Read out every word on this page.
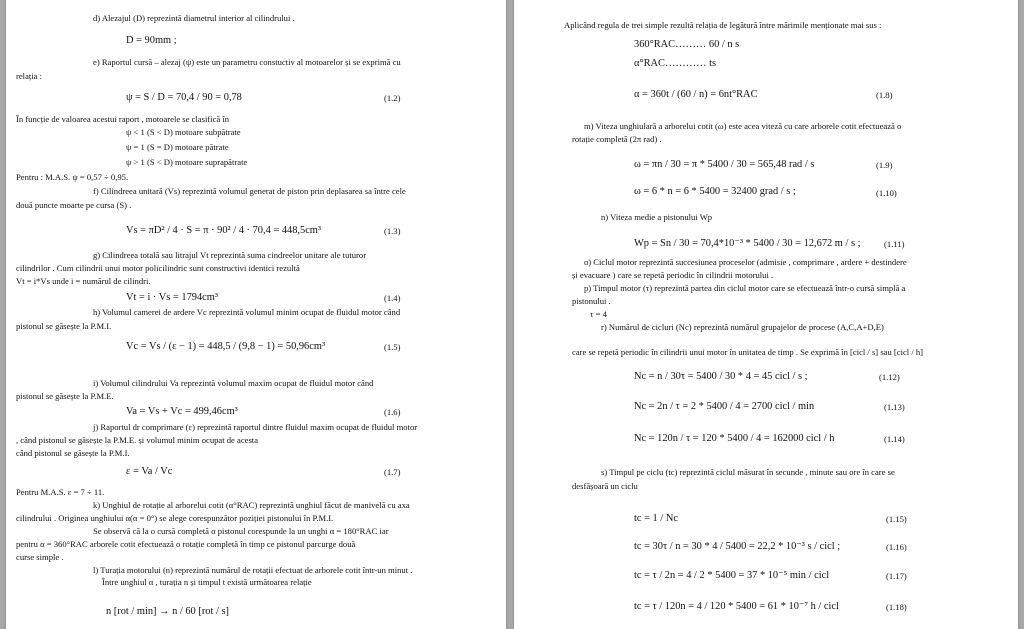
d) Alezajul (D) reprezintă diametrul interior al cilindrului .
D = 90mm ;
e) Raportul cursă – alezaj (ψ) este un parametru constuctiv al motoarelor și se exprimă cu
relația :
ψ = S / D = 70,4 / 90 = 0,78	(1.2)
În funcție de valoarea acestui raport , motoarele se clasifică în
ψ < 1 (S < D) motoare subpătrate
ψ = 1 (S = D) motoare pătrate
ψ > 1 (S < D) motoare suprapătrate
Pentru : M.A.S. ψ = 0,57 ÷ 0,95.
f) Cilindreea unitară (Vs) reprezintă volumul generat de piston prin deplasarea sa între cele
două puncte moarte pe cursa (S) .
Vs = πD² / 4 · S = π · 90² / 4 · 70,4 = 448,5cm³	(1.3)
g) Cilindreea totală sau litrajul Vt reprezintă suma cindreelor unitare ale tuturor
cilindrilor . Cum cilindrii unui motor policilindric sunt constructivi identici rezultă
Vt = i*Vs unde i = numărul de cilindri.
Vt = i · Vs = 1794cm³	(1.4)
h) Volumul camerei de ardere Vc reprezintă volumul minim ocupat de fluidul motor când
pistonul se găsește la P.M.I.
Vc = Vs / (ε − 1) = 448,5 / (9,8 − 1) = 50,96cm³	(1.5)
i) Volumul cilindrului Va reprezintă volumul maxim ocupat de fluidul motor când
pistonul se găsește la P.M.E.
Va = Vs + Vc = 499,46cm³	(1.6)
j) Raportul dr comprimare (ε) reprezintă raportul dintre fluidul maxim ocupat de fluidul motor
, când pistonul se găsește la P.M.E. și volumul minim ocupat de acesta
când pistonul se găsește la P.M.I.
ε = Va / Vc	(1.7)
Pentru M.A.S. ε = 7 ÷ 11.
k) Unghiul de rotație al arborelui cotit (α°RAC) reprezintă unghiul făcut de manivelă cu axa
cilindrului . Originea unghiului α(α = 0°) se alege corespunzător poziției pistonului în P.M.I.
Se observă că la o cursă completă α pistonul corespunde la un unghi α = 180°RAC iar
pentru α = 360°RAC arborele cotit efectuează o rotație completă în timp ce pistonul parcurge două
curse simple .
l) Turația motorului (n) reprezintă numărul de rotații efectuat de arborele cotit într-un minut .
Între unghiul α , turația n și timpul t există următoarea relație
n [rot / min] → n / 60 [rot / s]
Aplicând regula de trei simple rezultă relația de legătură între mărimile menționate mai sus :
360°RAC……… 60 / n s
α°RAC………… ts
α = 360t / (60 / n) = 6nt°RAC	(1.8)
m) Viteza unghiulară a arborelui cotit (ω) este acea viteză cu care arborele cotit efectuează o
rotație completă (2π rad) .
ω = πn / 30 = π * 5400 / 30 = 565,48 rad / s	(1.9)
ω = 6 * n = 6 * 5400 = 32400 grad / s ;	(1.10)
n) Viteza medie a pistonului Wp
Wp = Sn / 30 = 70,4*10⁻³ * 5400 / 30 = 12,672 m / s ;	(1.11)
o) Ciclul motor reprezintă succesiunea proceselor (admisie , comprimare , ardere + destindere
și evacuare ) care se repetă periodic în cilindrii motorului .
p) Timpul motor (τ) reprezintă partea din ciclul motor care se efectuează într-o cursă simplă a
pistonului .
τ = 4
r) Numărul de cicluri (Nc) reprezintă numărul grupajelor de procese (A,C,A+D,E)
care se repetă periodic în cilindrii unui motor în unitatea de timp . Se exprimă în [cicl / s] sau [cicl / h]
Nc = n / 30τ = 5400 / 30 * 4 = 45 cicl / s ;	(1.12)
Nc = 2n / τ = 2 * 5400 / 4 = 2700 cicl / min	(1.13)
Nc = 120n / τ = 120 * 5400 / 4 = 162000 cicl / h	(1.14)
s) Timpul pe ciclu (tc) reprezintă ciclul măsurat în secunde , minute sau ore în care se
desfășoară un ciclu
tc = 1 / Nc	(1.15)
tc = 30τ / n = 30 * 4 / 5400 = 22,2 * 10⁻³ s / cicl ;	(1.16)
tc = τ / 2n = 4 / 2 * 5400 = 37 * 10⁻⁵ min / cicl	(1.17)
tc = τ / 120n = 4 / 120 * 5400 = 61 * 10⁻⁷ h / cicl	(1.18)
